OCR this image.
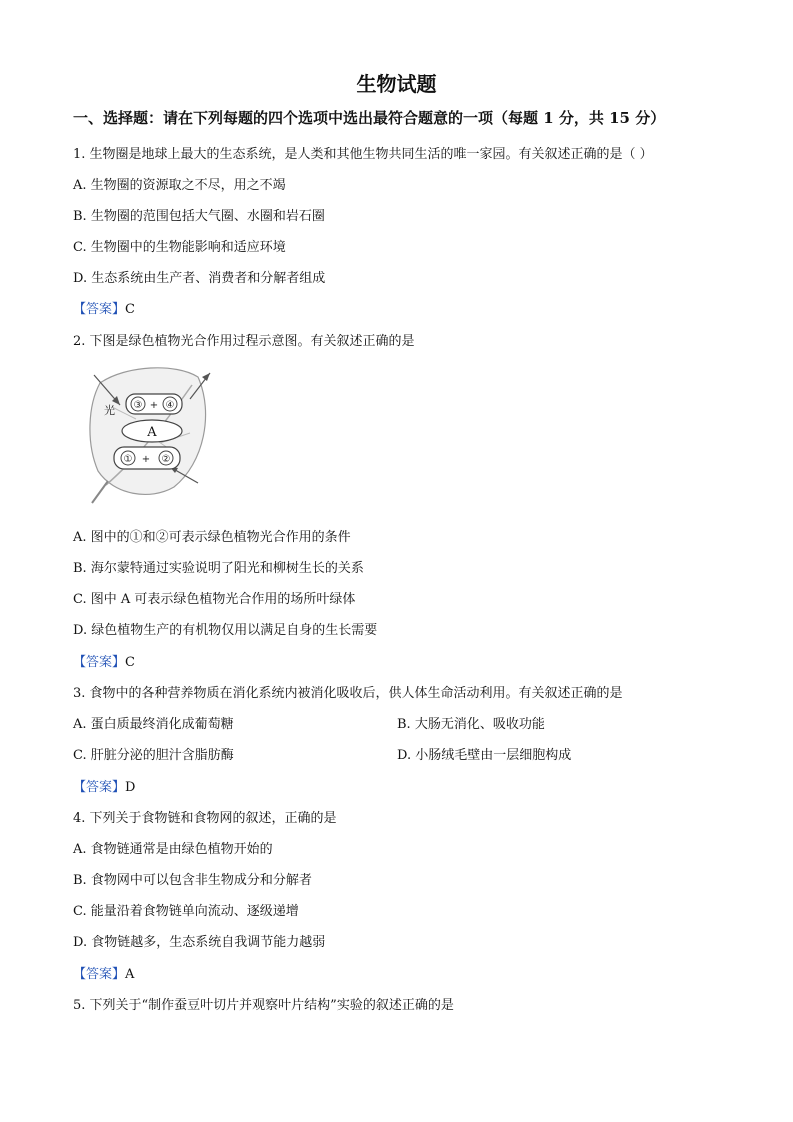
生物试题
一、选择题：请在下列每题的四个选项中选出最符合题意的一项（每题 1 分，共 15 分）
1. 生物圈是地球上最大的生态系统，是人类和其他生物共同生活的唯一家园。有关叙述正确的是（ ）
A. 生物圈的资源取之不尽，用之不竭
B. 生物圈的范围包括大气圈、水圈和岩石圈
C. 生物圈中的生物能影响和适应环境
D. 生态系统由生产者、消费者和分解者组成
【答案】C
2. 下图是绿色植物光合作用过程示意图。有关叙述正确的是
光 ③ + ④
A
① + ②
A. 图中的①和②可表示绿色植物光合作用的条件
B. 海尔蒙特通过实验说明了阳光和柳树生长的关系
C. 图中 A 可表示绿色植物光合作用的场所叶绿体
D. 绿色植物生产的有机物仅用以满足自身的生长需要
【答案】C
3. 食物中的各种营养物质在消化系统内被消化吸收后，供人体生命活动利用。有关叙述正确的是
A. 蛋白质最终消化成葡萄糖	B. 大肠无消化、吸收功能
C. 肝脏分泌的胆汁含脂肪酶	D. 小肠绒毛壁由一层细胞构成
【答案】D
4. 下列关于食物链和食物网的叙述，正确的是
A. 食物链通常是由绿色植物开始的
B. 食物网中可以包含非生物成分和分解者
C. 能量沿着食物链单向流动、逐级递增
D. 食物链越多，生态系统自我调节能力越弱
【答案】A
5. 下列关于“制作蚕豆叶切片并观察叶片结构”实验的叙述正确的是
